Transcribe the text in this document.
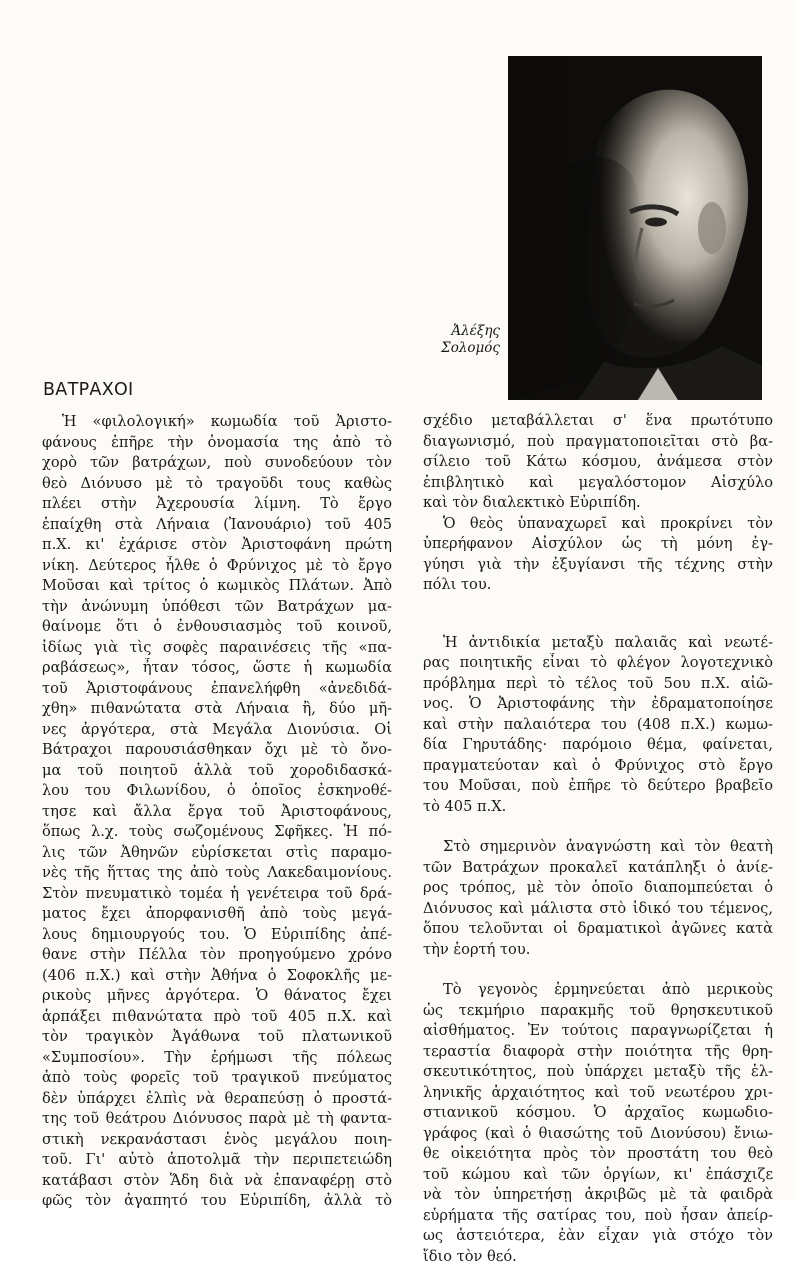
Ἀλέξης
Σολομός
ΒΑΤΡΑΧΟΙ

Ἡ «φιλολογική» κωμωδία τοῦ Ἀριστο-
φάνους ἐπῆρε τὴν ὀνομασία της ἀπὸ τὸ
χορὸ τῶν βατράχων, ποὺ συνοδεύουν τὸν
θεὸ Διόνυσο μὲ τὸ τραγοῦδι τους καθὼς
πλέει στὴν Ἀχερουσία λίμνη. Τὸ ἔργο
ἐπαίχθη στὰ Λήναια (Ἰανουάριο) τοῦ 405
π.Χ. κι' ἐχάρισε στὸν Ἀριστοφάνη πρώτη
νίκη. Δεύτερος ἦλθε ὁ Φρύνιχος μὲ τὸ ἔργο
Μοῦσαι καὶ τρίτος ὁ κωμικὸς Πλάτων. Ἀπὸ
τὴν ἀνώνυμη ὑπόθεσι τῶν Βατράχων μα-
θαίνομε ὅτι ὁ ἐνθουσιασμὸς τοῦ κοινοῦ,
ἰδίως γιὰ τὶς σοφὲς παραινέσεις τῆς «πα-
ραβάσεως», ἦταν τόσος, ὥστε ἡ κωμωδία
τοῦ Ἀριστοφάνους ἐπανελήφθη «ἀνεδιδά-
χθη» πιθανώτατα στὰ Λήναια ἢ, δύο μῆ-
νες ἀργότερα, στὰ Μεγάλα Διονύσια. Οἱ
Βάτραχοι παρουσιάσθηκαν ὄχι μὲ τὸ ὄνο-
μα τοῦ ποιητοῦ ἀλλὰ τοῦ χοροδιδασκά-
λου του Φιλωνίδου, ὁ ὁποῖος ἐσκηνοθέ-
τησε καὶ ἄλλα ἔργα τοῦ Ἀριστοφάνους,
ὅπως λ.χ. τοὺς σωζομένους Σφῆκες. Ἡ πό-
λις τῶν Ἀθηνῶν εὑρίσκεται στὶς παραμο-
νὲς τῆς ἥττας της ἀπὸ τοὺς Λακεδαιμονίους.
Στὸν πνευματικὸ τομέα ἡ γενέτειρα τοῦ δρά-
ματος ἔχει ἀπορφανισθῆ ἀπὸ τοὺς μεγά-
λους δημιουργούς του. Ὁ Εὐριπίδης ἀπέ-
θανε στὴν Πέλλα τὸν προηγούμενο χρόνο
(406 π.Χ.) καὶ στὴν Ἀθήνα ὁ Σοφοκλῆς με-
ρικοὺς μῆνες ἀργότερα. Ὁ θάνατος ἔχει
ἁρπάξει πιθανώτατα πρὸ τοῦ 405 π.Χ. καὶ
τὸν τραγικὸν Ἀγάθωνα τοῦ πλατωνικοῦ
«Συμποσίου». Τὴν ἐρήμωσι τῆς πόλεως
ἀπὸ τοὺς φορεῖς τοῦ τραγικοῦ πνεύματος
δὲν ὑπάρχει ἐλπὶς νὰ θεραπεύσῃ ὁ προστά-
της τοῦ θεάτρου Διόνυσος παρὰ μὲ τὴ φαντα-
στικὴ νεκρανάστασι ἑνὸς μεγάλου ποιη-
τοῦ. Γι' αὐτὸ ἀποτολμᾶ τὴν περιπετειώδη
κατάβασι στὸν Ἅδη διὰ νὰ ἐπαναφέρῃ στὸ
φῶς τὸν ἀγαπητό του Εὐριπίδη, ἀλλὰ τὸ

σχέδιο μεταβάλλεται σ' ἕνα πρωτότυπο
διαγωνισμό, ποὺ πραγματοποιεῖται στὸ βα-
σίλειο τοῦ Κάτω κόσμου, ἀνάμεσα στὸν
ἐπιβλητικὸ καὶ μεγαλόστομον Αἰσχύλο
καὶ τὸν διαλεκτικὸ Εὐριπίδη.

Ὁ θεὸς ὑπαναχωρεῖ καὶ προκρίνει τὸν
ὑπερήφανον Αἰσχύλον ὡς τὴ μόνη ἐγ-
γύησι γιὰ τὴν ἐξυγίανσι τῆς τέχνης στὴν
πόλι του.

Ἡ ἀντιδικία μεταξὺ παλαιᾶς καὶ νεωτέ-
ρας ποιητικῆς εἶναι τὸ φλέγον λογοτεχνικὸ
πρόβλημα περὶ τὸ τέλος τοῦ 5ου π.Χ. αἰῶ-
νος. Ὁ Ἀριστοφάνης τὴν ἐδραματοποίησε
καὶ στὴν παλαιότερα του (408 π.Χ.) κωμω-
δία Γηρυτάδης· παρόμοιο θέμα, φαίνεται,
πραγματεύοταν καὶ ὁ Φρύνιχος στὸ ἔργο
του Μοῦσαι, ποὺ ἐπῆρε τὸ δεύτερο βραβεῖο
τὸ 405 π.Χ.

Στὸ σημερινὸν ἀναγνώστη καὶ τὸν θεατὴ
τῶν Βατράχων προκαλεῖ κατάπληξι ὁ ἀνίε-
ρος τρόπος, μὲ τὸν ὁποῖο διαπομπεύεται ὁ
Διόνυσος καὶ μάλιστα στὸ ἰδικό του τέμενος,
ὅπου τελοῦνται οἱ δραματικοὶ ἀγῶνες κατὰ
τὴν ἑορτή του.

Τὸ γεγονὸς ἑρμηνεύεται ἀπὸ μερικοὺς
ὡς τεκμήριο παρακμῆς τοῦ θρησκευτικοῦ
αἰσθήματος. Ἐν τούτοις παραγνωρίζεται ἡ
τεραστία διαφορὰ στὴν ποιότητα τῆς θρη-
σκευτικότητος, ποὺ ὑπάρχει μεταξὺ τῆς ἑλ-
ληνικῆς ἀρχαιότητος καὶ τοῦ νεωτέρου χρι-
στιανικοῦ κόσμου. Ὁ ἀρχαῖος κωμωδιο-
γράφος (καὶ ὁ θιασώτης τοῦ Διονύσου) ἔνιω-
θε οἰκειότητα πρὸς τὸν προστάτη του θεὸ
τοῦ κώμου καὶ τῶν ὀργίων, κι' ἐπάσχιζε
νὰ τὸν ὑπηρετήσῃ ἀκριβῶς μὲ τὰ φαιδρὰ
εὑρήματα τῆς σατίρας του, ποὺ ἦσαν ἀπείρ-
ως ἀστειότερα, ἐὰν εἶχαν γιὰ στόχο τὸν
ἴδιο τὸν θεό.
